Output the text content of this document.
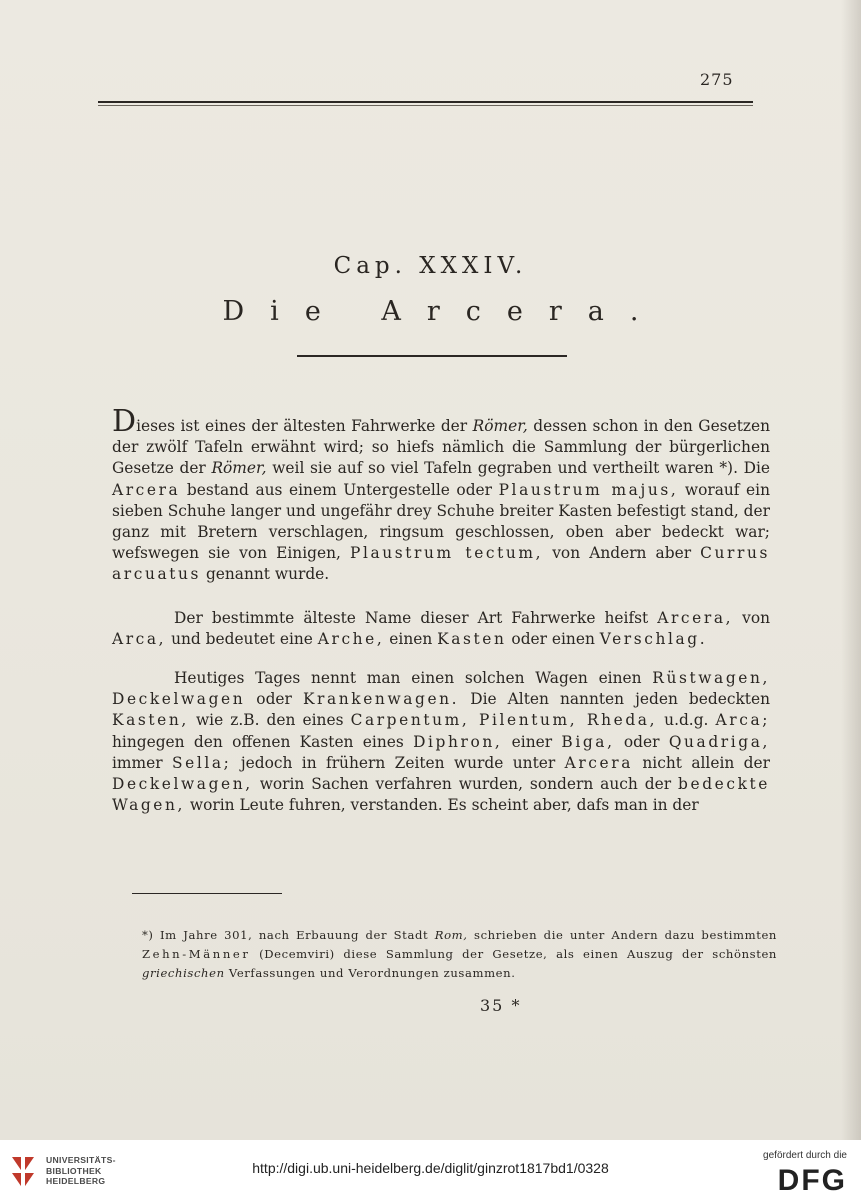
275
Cap. XXXIV.
Die Arcera.

Dieses ist eines der ältesten Fahrwerke der Römer, dessen schon in den Gesetzen der zwölf Tafeln erwähnt wird; so hiefs nämlich die Sammlung der bürgerlichen Gesetze der Römer, weil sie auf so viel Tafeln gegraben und vertheilt waren *). Die Arcera bestand aus einem Untergestelle oder Plaustrum majus, worauf ein sieben Schuhe langer und ungefähr drey Schuhe breiter Kasten befestigt stand, der ganz mit Bretern verschlagen, ringsum geschlossen, oben aber bedeckt war; wefswegen sie von Einigen, Plaustrum tectum, von Andern aber Currus arcuatus genannt wurde.

Der bestimmte älteste Name dieser Art Fahrwerke heifst Arcera, von Arca, und bedeutet eine Arche, einen Kasten oder einen Verschlag.

Heutiges Tages nennt man einen solchen Wagen einen Rüstwagen, Deckelwagen oder Krankenwagen. Die Alten nannten jeden bedeckten Kasten, wie z.B. den eines Carpentum, Pilentum, Rheda, u.d.g. Arca; hingegen den offenen Kasten eines Diphron, einer Biga, oder Quadriga, immer Sella; jedoch in frühern Zeiten wurde unter Arcera nicht allein der Deckelwagen, worin Sachen verfahren wurden, sondern auch der bedeckte Wagen, worin Leute fuhren, verstanden. Es scheint aber, dafs man in der

*) Im Jahre 301, nach Erbauung der Stadt Rom, schrieben die unter Andern dazu bestimmten Zehn-Männer (Decemviri) diese Sammlung der Gesetze, als einen Auszug der schönsten griechischen Verfassungen und Verordnungen zusammen.

35 *
UNIVERSITÄTS-
BIBLIOTHEK
HEIDELBERG
http://digi.ub.uni-heidelberg.de/diglit/ginzrot1817bd1/0328
gefördert durch die
DFG
